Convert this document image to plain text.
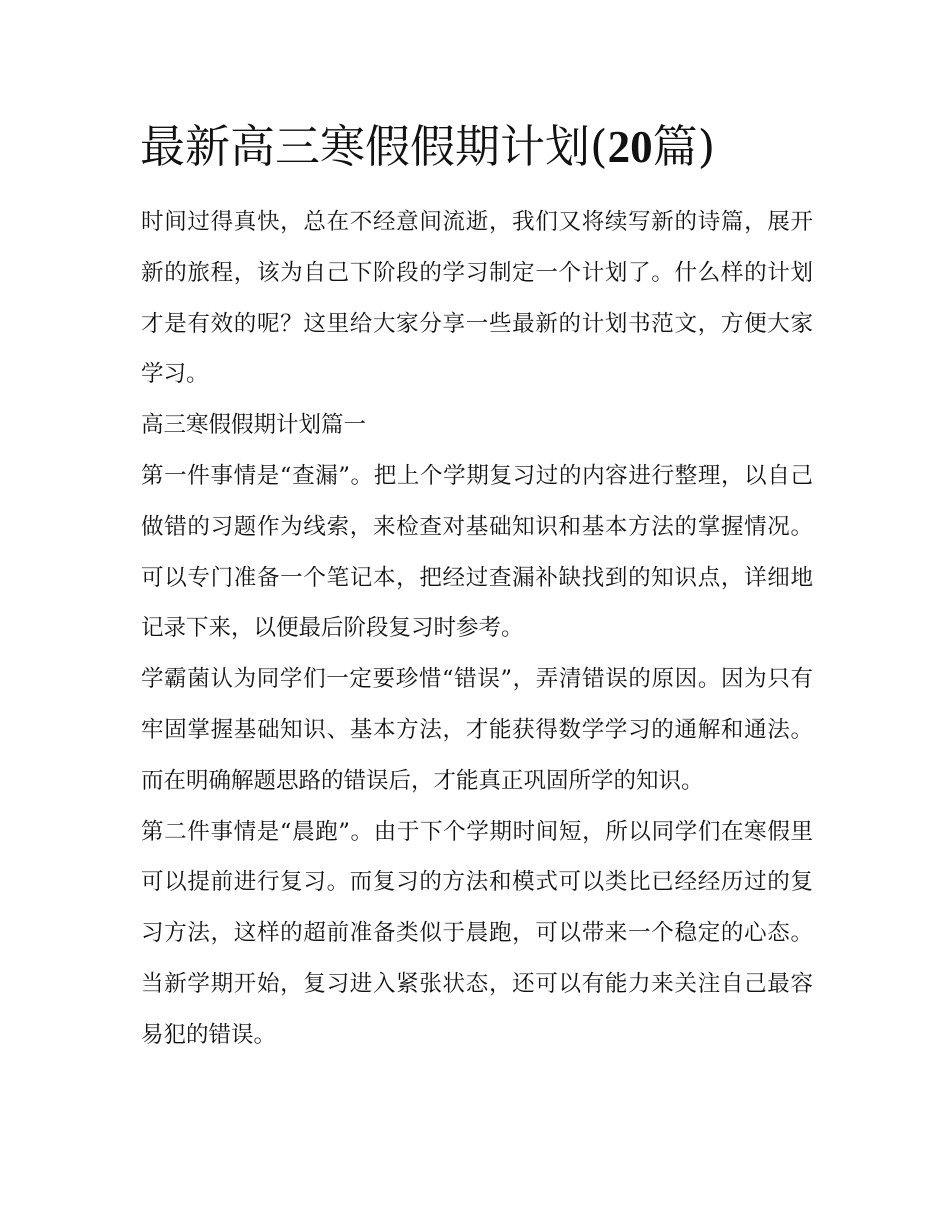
最新高三寒假假期计划(20篇)

时间过得真快，总在不经意间流逝，我们又将续写新的诗篇，展开新的旅程，该为自己下阶段的学习制定一个计划了。什么样的计划才是有效的呢？这里给大家分享一些最新的计划书范文，方便大家学习。

高三寒假假期计划篇一

第一件事情是“查漏”。把上个学期复习过的内容进行整理，以自己做错的习题作为线索，来检查对基础知识和基本方法的掌握情况。可以专门准备一个笔记本，把经过查漏补缺找到的知识点，详细地记录下来，以便最后阶段复习时参考。

学霸菌认为同学们一定要珍惜“错误”，弄清错误的原因。因为只有牢固掌握基础知识、基本方法，才能获得数学学习的通解和通法。而在明确解题思路的错误后，才能真正巩固所学的知识。

第二件事情是“晨跑”。由于下个学期时间短，所以同学们在寒假里可以提前进行复习。而复习的方法和模式可以类比已经经历过的复习方法，这样的超前准备类似于晨跑，可以带来一个稳定的心态。当新学期开始，复习进入紧张状态，还可以有能力来关注自己最容易犯的错误。
